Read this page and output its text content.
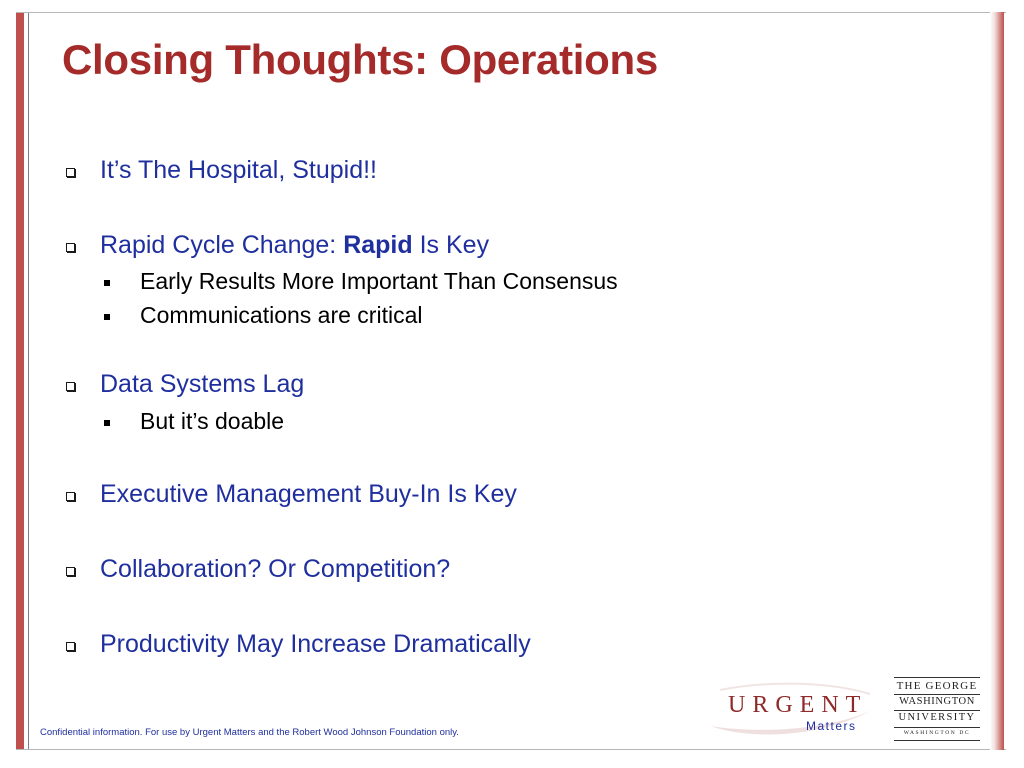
Closing Thoughts: Operations
It’s The Hospital, Stupid!!
Rapid Cycle Change: Rapid Is Key
Early Results More Important Than Consensus
Communications are critical
Data Systems Lag
But it’s doable
Executive Management Buy-In Is Key
Collaboration? Or Competition?
Productivity May Increase Dramatically
Confidential information. For use by Urgent Matters and the Robert Wood Johnson Foundation only.
URGENT
Matters
THE GEORGE
WASHINGTON
UNIVERSITY
WASHINGTON DC
